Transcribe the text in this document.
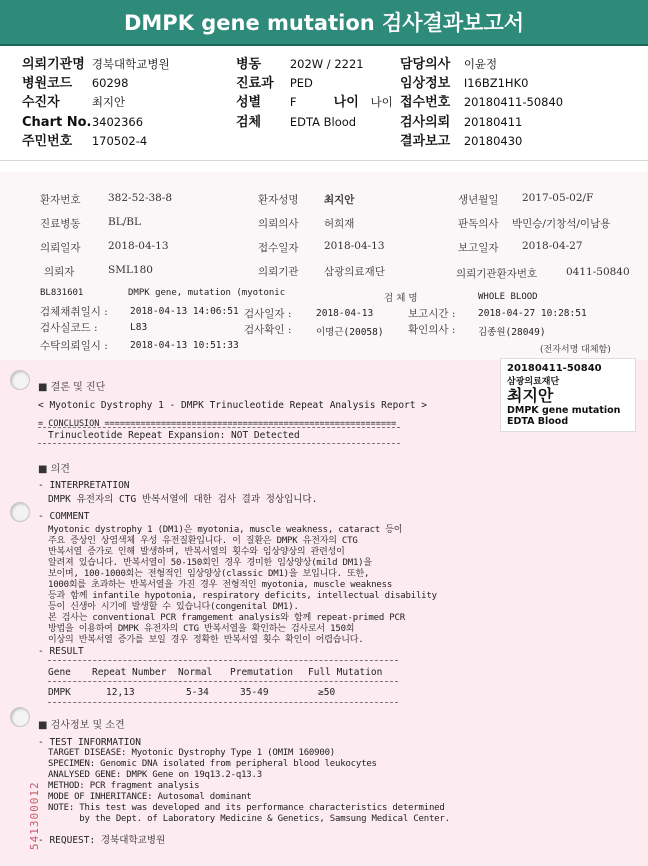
DMPK gene mutation 검사결과보고서
의뢰기관명 경북대학교병원	병동 202W / 2221	담당의사 이윤정
병원코드 60298	진료과 PED	임상정보 I16BZ1HK0
수진자	최지안	성별 F	나이 나이 접수번호 20180411-50840
Chart No. 3402366	검체 EDTA Blood	검사의뢰 20180411
주민번호 170502-4	결과보고 20180430
환자번호	382-52-38-8	환자성명 최지안	생년월일 2017-05-02/F
진료병동	BL/BL	의뢰의사 허희재	판독의사 박민승/기창석/이남용
의뢰일자	2018-04-13	접수일자 2018-04-13	보고일자 2018-04-27
의뢰자	SML180	의뢰기관 삼광의료재단	의뢰기관환자번호	0411-50840
BL831601	DMPK gene, mutation (myotonic	검 체 명	WHOLE BLOOD
검체채취일시 : 2018-04-13 14:06:51 검사일자 :	2018-04-13	보고시간 : 2018-04-27 10:28:51
검사실코드 :	L83	검사확인 :	이명근(20058) 확인의사 : 김종원(28049)
수탁의뢰일시 : 2018-04-13 10:51:33	(전자서명 대체함)
20180411-50840
삼광의료재단
최지안
DMPK gene mutation
EDTA Blood
■ 결론 및 진단
< Myotonic Dystrophy 1 - DMPK Trinucleotide Repeat Analysis Report >
= CONCLUSION =========================================================
Trinucleotide Repeat Expansion: NOT Detected
■ 의견
- INTERPRETATION
DMPK 유전자의 CTG 반복서열에 대한 검사 결과 정상입니다.
- COMMENT
Myotonic dystrophy 1 (DM1)은 myotonia, muscle weakness, cataract 등이
주요 증상인 상염색체 우성 유전질환입니다. 이 질환은 DMPK 유전자의 CTG
반복서열 증가로 인해 발생하며, 반복서열의 횟수와 임상양상의 관련성이
알려져 있습니다. 반복서열이 50-150회인 경우 경미한 임상양상(mild DM1)을
보이며, 100-1000회는 전형적인 임상양상(classic DM1)을 보입니다. 또한,
1000회를 초과하는 반복서열을 가진 경우 전형적인 myotonia, muscle weakness
등과 함께 infantile hypotonia, respiratory deficits, intellectual disability
등이 신생아 시기에 발생할 수 있습니다(congenital DM1).
본 검사는 conventional PCR framgement analysis와 함께 repeat-primed PCR
방법을 이용하여 DMPK 유전자의 CTG 반복서열을 확인하는 검사로서 150회
이상의 반복서열 증가를 보일 경우 정확한 반복서열 횟수 확인이 어렵습니다.
- RESULT
Gene Repeat Number Normal Premutation Full Mutation
DMPK	12,13	5-34	35-49	≥50
■ 검사정보 및 소견
- TEST INFORMATION
TARGET DISEASE: Myotonic Dystrophy Type 1 (OMIM 160900)
SPECIMEN: Genomic DNA isolated from peripheral blood leukocytes
ANALYSED GENE: DMPK Gene on 19q13.2-q13.3
METHOD: PCR fragment analysis
MODE OF INHERITANCE: Autosomal dominant
NOTE: This test was developed and its performance characteristics determined
by the Dept. of Laboratory Medicine & Genetics, Samsung Medical Center.
- REQUEST: 경북대학교병원
541300012
